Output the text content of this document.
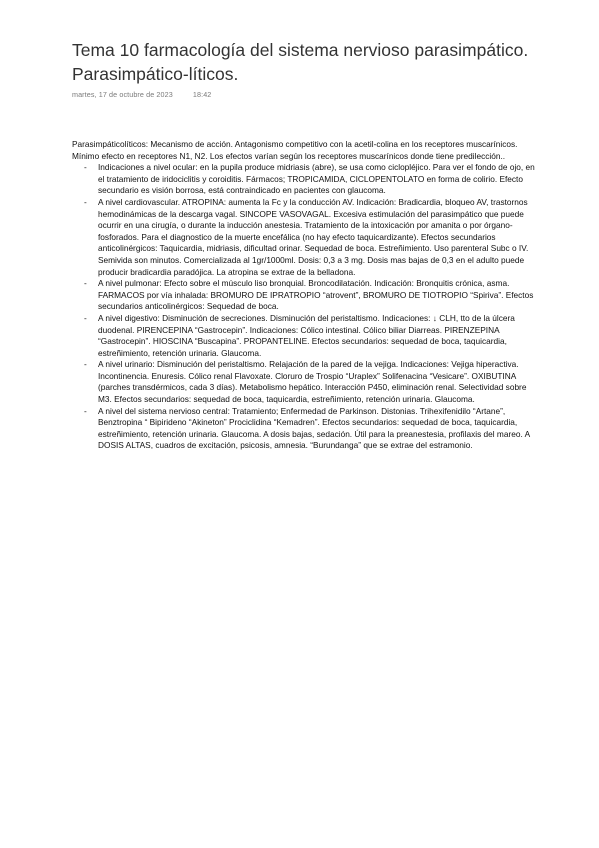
Tema 10 farmacología del sistema nervioso parasimpático. Parasimpático-líticos.
martes, 17 de octubre de 2023	18:42

Parasimpáticolíticos: Mecanismo de acción. Antagonismo competitivo con la acetil-colina en los receptores muscarínicos. Mínimo efecto en receptores N1, N2. Los efectos varían según los receptores muscarínicos donde tiene predilección..

- Indicaciones a nivel ocular: en la pupila produce midriasis (abre), se usa como ciclopléjico. Para ver el fondo de ojo, en el tratamiento de iridociclitis y coroiditis. Fármacos; TROPICAMIDA, CICLOPENTOLATO en forma de colirio. Efecto secundario es visión borrosa, está contraindicado en pacientes con glaucoma.
- A nivel cardiovascular. ATROPINA: aumenta la Fc y la conducción AV. Indicación: Bradicardia, bloqueo AV, trastornos hemodinámicas de la descarga vagal. SINCOPE VASOVAGAL. Excesiva estimulación del parasimpático que puede ocurrir en una cirugía, o durante la inducción anestesia. Tratamiento de la intoxicación por amanita o por órgano-fosforados. Para el diagnostico de la muerte encefálica (no hay efecto taquicardizante). Efectos secundarios anticolinérgicos: Taquicardia, midriasis, dificultad orinar. Sequedad de boca. Estreñimiento. Uso parenteral Subc o IV. Semivida son minutos. Comercializada al 1gr/1000ml. Dosis: 0,3 a 3 mg. Dosis mas bajas de 0,3 en el adulto puede producir bradicardia paradójica. La atropina se extrae de la belladona.
- A nivel pulmonar: Efecto sobre el músculo liso bronquial. Broncodilatación. Indicación: Bronquitis crónica, asma. FARMACOS por vía inhalada: BROMURO DE IPRATROPIO “atrovent”, BROMURO DE TIOTROPIO “Spiriva”. Efectos secundarios anticolinérgicos: Sequedad de boca.
- A nivel digestivo: Disminución de secreciones. Disminución del peristaltismo. Indicaciones: ↓ CLH, tto de la úlcera duodenal. PIRENCEPINA “Gastrocepin”. Indicaciones: Cólico intestinal. Cólico biliar Diarreas. PIRENZEPINA “Gastrocepin”. HIOSCINA “Buscapina”. PROPANTELINE. Efectos secundarios: sequedad de boca, taquicardia, estreñimiento, retención urinaria. Glaucoma.
- A nivel urinario: Disminución del peristaltismo. Relajación de la pared de la vejiga. Indicaciones: Vejiga hiperactiva. Incontinencia. Enuresis. Cólico renal Flavoxate. Cloruro de Trospio “Uraplex” Solifenacina “Vesicare”. OXIBUTINA (parches transdérmicos, cada 3 días). Metabolismo hepático. Interacción P450, eliminación renal. Selectividad sobre M3. Efectos secundarios: sequedad de boca, taquicardia, estreñimiento, retención urinaria. Glaucoma.
- A nivel del sistema nervioso central: Tratamiento; Enfermedad de Parkinson. Distonias. Trihexifenidilo “Artane”, Benztropina “ Bipirideno “Akineton” Prociclidina “Kemadren”. Efectos secundarios: sequedad de boca, taquicardia, estreñimiento, retención urinaria. Glaucoma. A dosis bajas, sedación. Útil para la preanestesia, profilaxis del mareo. A DOSIS ALTAS, cuadros de excitación, psicosis, amnesia. “Burundanga” que se extrae del estramonio.
